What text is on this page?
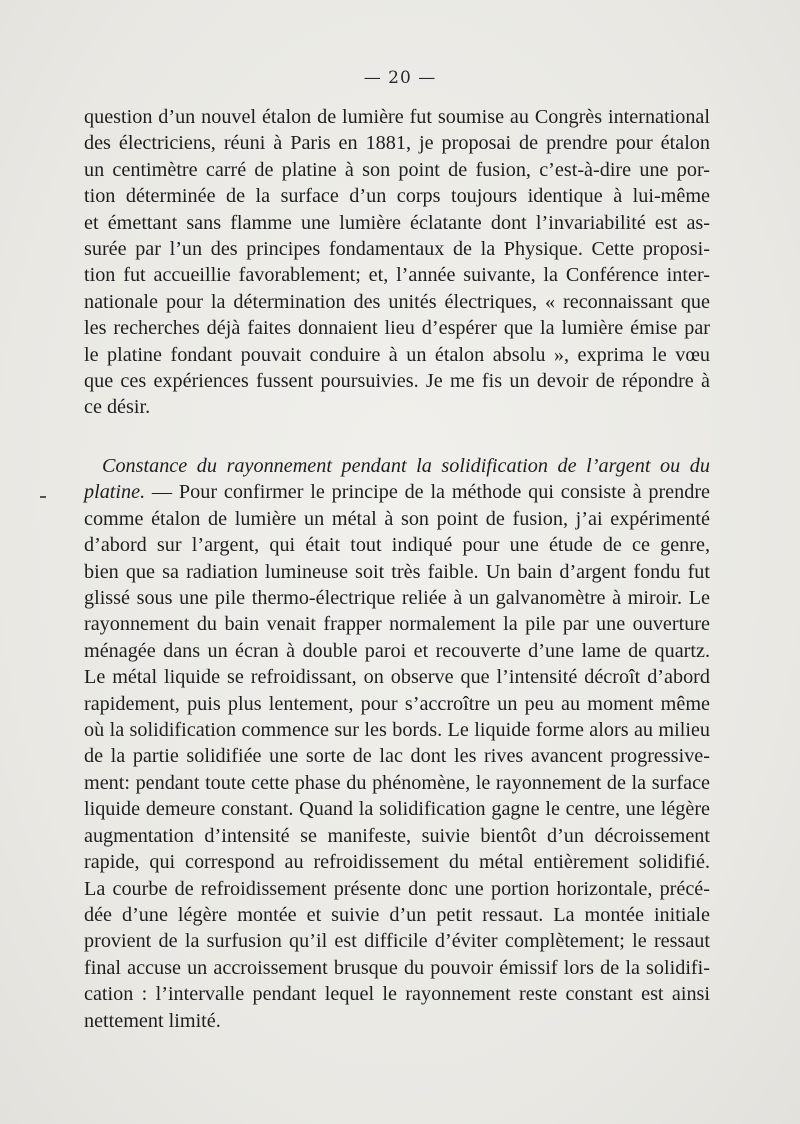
— 20 —
question d’un nouvel étalon de lumière fut soumise au Congrès international
des électriciens, réuni à Paris en 1881, je proposai de prendre pour étalon
un centimètre carré de platine à son point de fusion, c’est-à-dire une por-
tion déterminée de la surface d’un corps toujours identique à lui-même
et émettant sans flamme une lumière éclatante dont l’invariabilité est as-
surée par l’un des principes fondamentaux de la Physique. Cette proposi-
tion fut accueillie favorablement; et, l’année suivante, la Conférence inter-
nationale pour la détermination des unités électriques, « reconnaissant que
les recherches déjà faites donnaient lieu d’espérer que la lumière émise par
le platine fondant pouvait conduire à un étalon absolu », exprima le vœu
que ces expériences fussent poursuivies. Je me fis un devoir de répondre à
ce désir.
Constance du rayonnement pendant la solidification de l’argent ou du
platine. — Pour confirmer le principe de la méthode qui consiste à prendre
comme étalon de lumière un métal à son point de fusion, j’ai expérimenté
d’abord sur l’argent, qui était tout indiqué pour une étude de ce genre,
bien que sa radiation lumineuse soit très faible. Un bain d’argent fondu fut
glissé sous une pile thermo-électrique reliée à un galvanomètre à miroir. Le
rayonnement du bain venait frapper normalement la pile par une ouverture
ménagée dans un écran à double paroi et recouverte d’une lame de quartz.
Le métal liquide se refroidissant, on observe que l’intensité décroît d’abord
rapidement, puis plus lentement, pour s’accroître un peu au moment même
où la solidification commence sur les bords. Le liquide forme alors au milieu
de la partie solidifiée une sorte de lac dont les rives avancent progressive-
ment: pendant toute cette phase du phénomène, le rayonnement de la surface
liquide demeure constant. Quand la solidification gagne le centre, une légère
augmentation d’intensité se manifeste, suivie bientôt d’un décroissement
rapide, qui correspond au refroidissement du métal entièrement solidifié.
La courbe de refroidissement présente donc une portion horizontale, précé-
dée d’une légère montée et suivie d’un petit ressaut. La montée initiale
provient de la surfusion qu’il est difficile d’éviter complètement; le ressaut
final accuse un accroissement brusque du pouvoir émissif lors de la solidifi-
cation : l’intervalle pendant lequel le rayonnement reste constant est ainsi
nettement limité.
